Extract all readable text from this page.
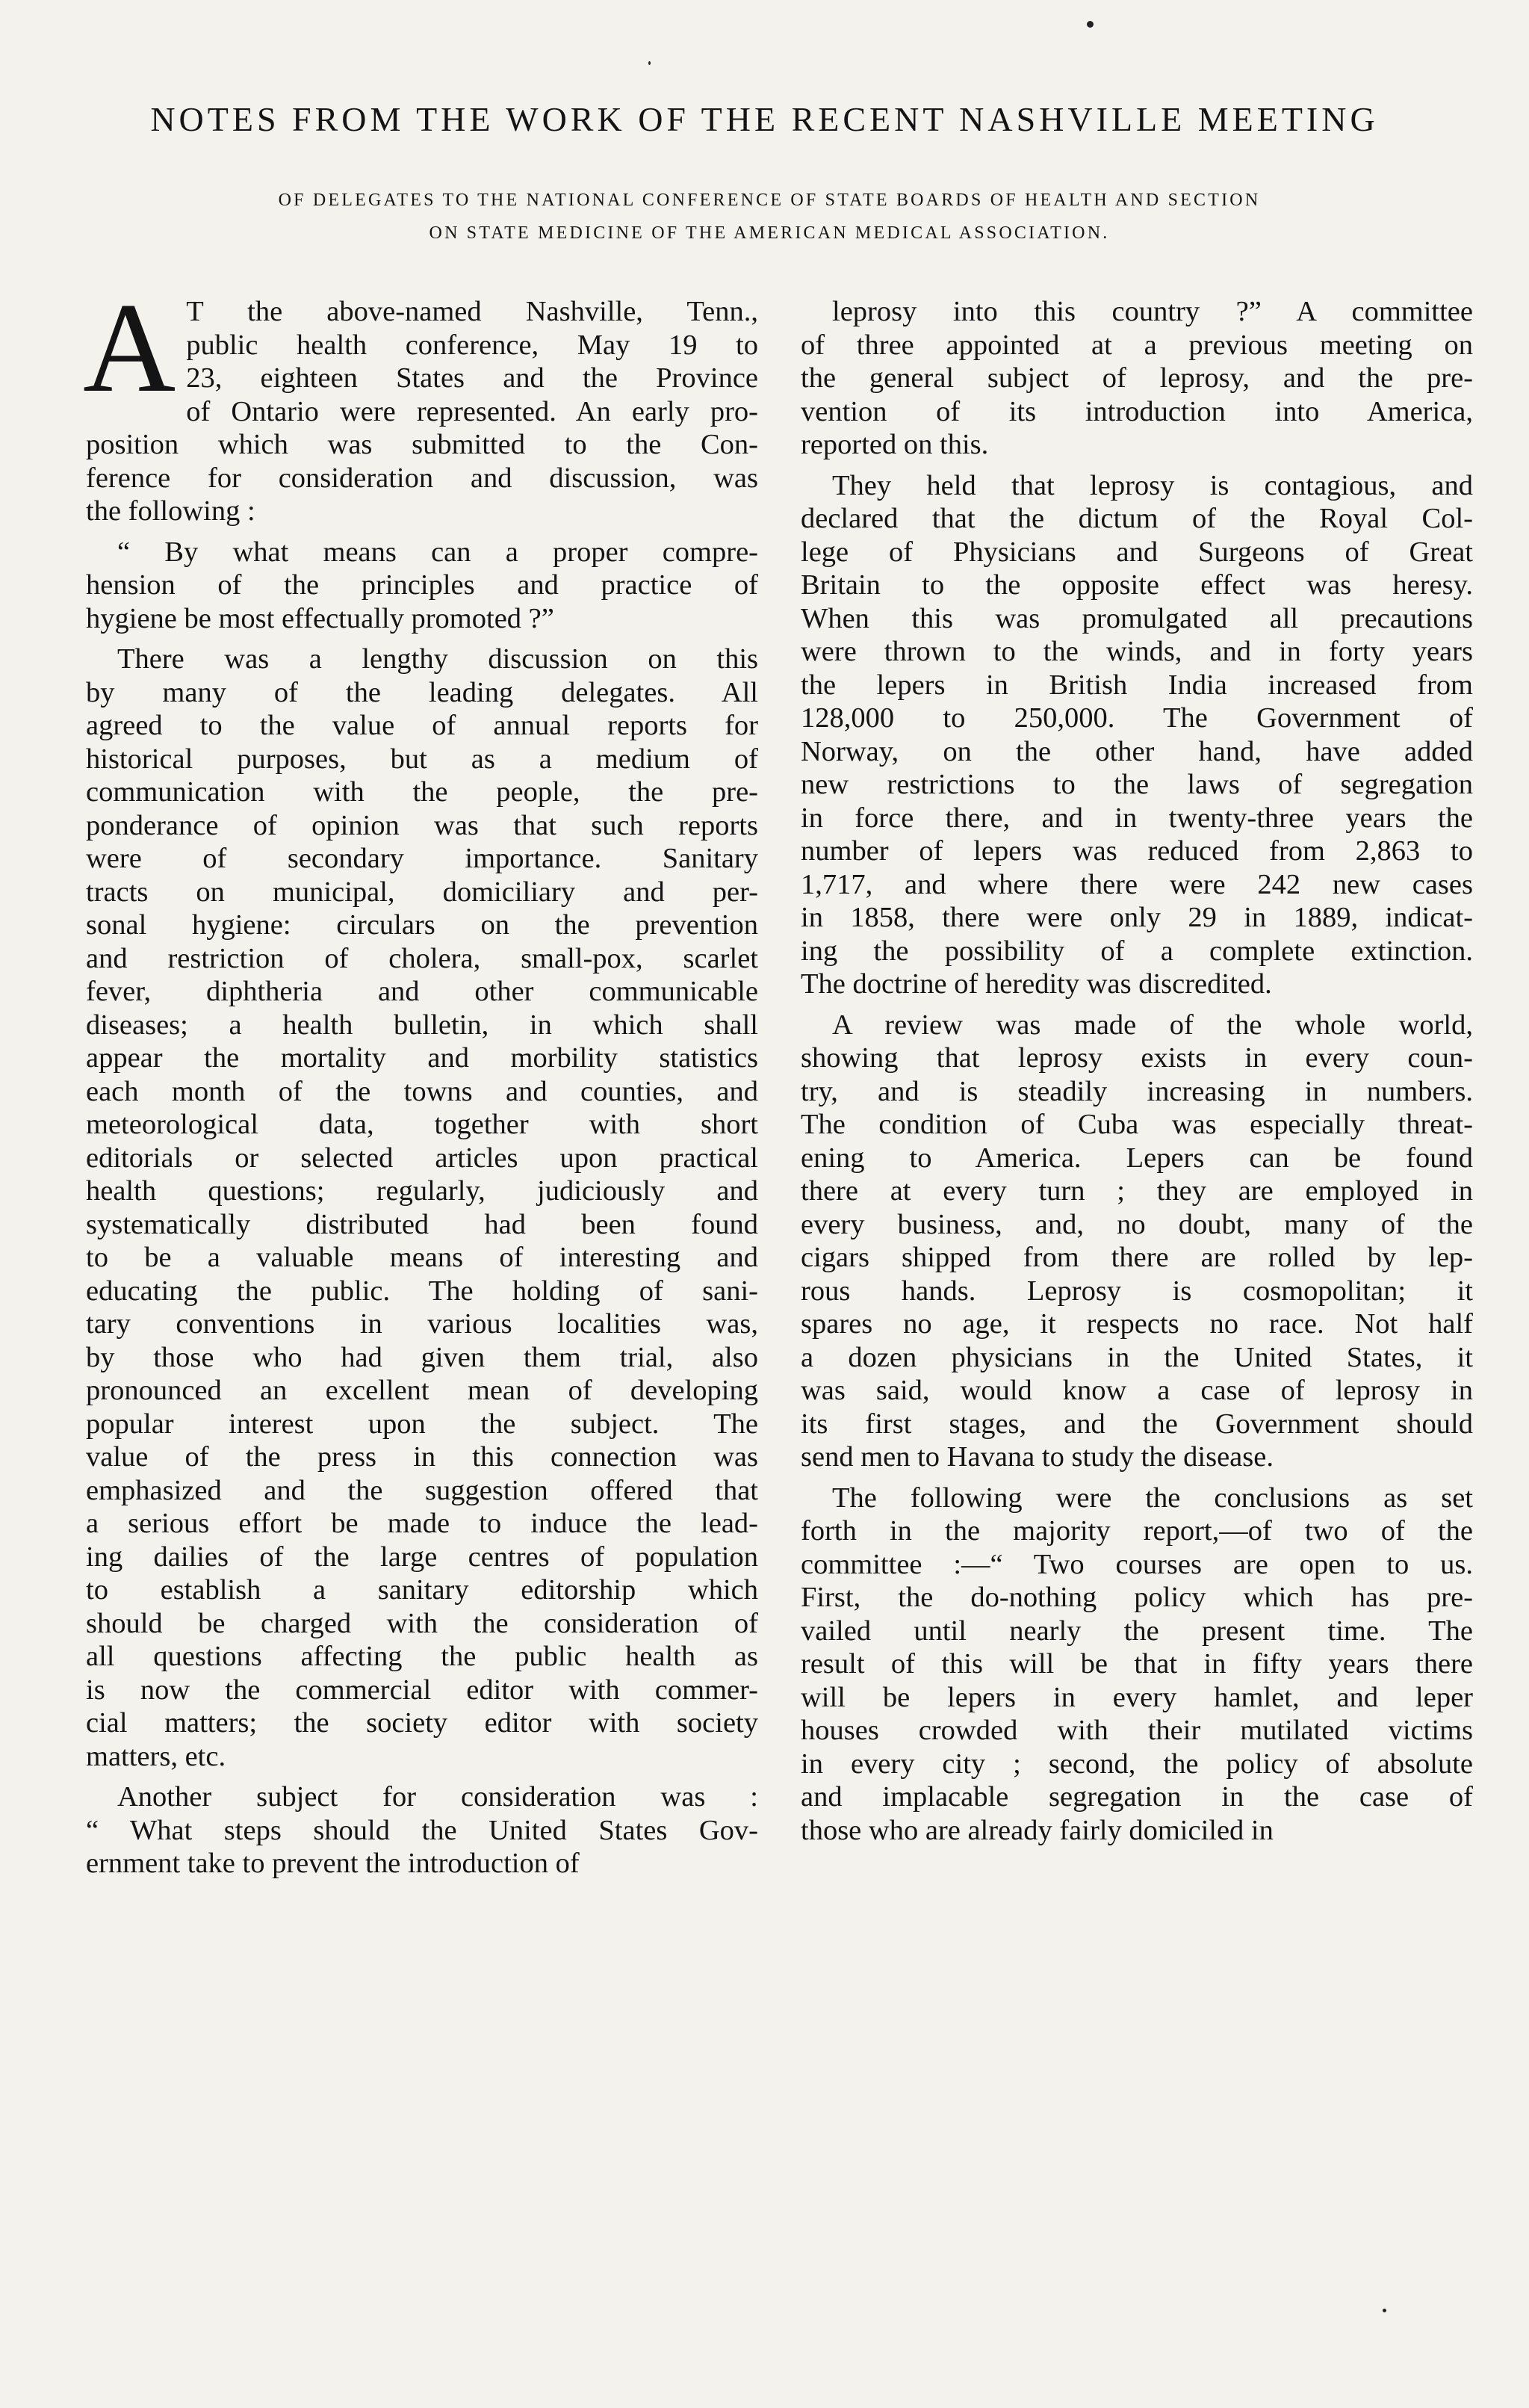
NOTES FROM THE WORK OF THE RECENT NASHVILLE MEETING
OF DELEGATES TO THE NATIONAL CONFERENCE OF STATE BOARDS OF HEALTH AND SECTION
ON STATE MEDICINE OF THE AMERICAN MEDICAL ASSOCIATION.
A T the above-named Nashville, Tenn.,
public health conference, May 19 to
23, eighteen States and the Province
of Ontario were represented. An early pro-
position which was submitted to the Con-
ference for consideration and discussion, was
the following :
“ By what means can a proper compre-
hension of the principles and practice of
hygiene be most effectually promoted ?”
There was a lengthy discussion on this
by many of the leading delegates. All
agreed to the value of annual reports for
historical purposes, but as a medium of
communication with the people, the pre-
ponderance of opinion was that such reports
were of secondary importance. Sanitary
tracts on municipal, domiciliary and per-
sonal hygiene: circulars on the prevention
and restriction of cholera, small-pox, scarlet
fever, diphtheria and other communicable
diseases; a health bulletin, in which shall
appear the mortality and morbility statistics
each month of the towns and counties, and
meteorological data, together with short
editorials or selected articles upon practical
health questions; regularly, judiciously and
systematically distributed had been found
to be a valuable means of interesting and
educating the public. The holding of sani-
tary conventions in various localities was,
by those who had given them trial, also
pronounced an excellent mean of developing
popular interest upon the subject. The
value of the press in this connection was
emphasized and the suggestion offered that
a serious effort be made to induce the lead-
ing dailies of the large centres of population
to establish a sanitary editorship which
should be charged with the consideration of
all questions affecting the public health as
is now the commercial editor with commer-
cial matters; the society editor with society
matters, etc.
Another subject for consideration was :
“ What steps should the United States Gov-
ernment take to prevent the introduction of
leprosy into this country ?” A committee
of three appointed at a previous meeting on
the general subject of leprosy, and the pre-
vention of its introduction into America,
reported on this.
They held that leprosy is contagious, and
declared that the dictum of the Royal Col-
lege of Physicians and Surgeons of Great
Britain to the opposite effect was heresy.
When this was promulgated all precautions
were thrown to the winds, and in forty years
the lepers in British India increased from
128,000 to 250,000. The Government of
Norway, on the other hand, have added
new restrictions to the laws of segregation
in force there, and in twenty-three years the
number of lepers was reduced from 2,863 to
1,717, and where there were 242 new cases
in 1858, there were only 29 in 1889, indicat-
ing the possibility of a complete extinction.
The doctrine of heredity was discredited.
A review was made of the whole world,
showing that leprosy exists in every coun-
try, and is steadily increasing in numbers.
The condition of Cuba was especially threat-
ening to America. Lepers can be found
there at every turn ; they are employed in
every business, and, no doubt, many of the
cigars shipped from there are rolled by lep-
rous hands. Leprosy is cosmopolitan; it
spares no age, it respects no race. Not half
a dozen physicians in the United States, it
was said, would know a case of leprosy in
its first stages, and the Government should
send men to Havana to study the disease.
The following were the conclusions as set
forth in the majority report,—of two of the
committee :—“ Two courses are open to us.
First, the do-nothing policy which has pre-
vailed until nearly the present time. The
result of this will be that in fifty years there
will be lepers in every hamlet, and leper
houses crowded with their mutilated victims
in every city ; second, the policy of absolute
and implacable segregation in the case of
those who are already fairly domiciled in
